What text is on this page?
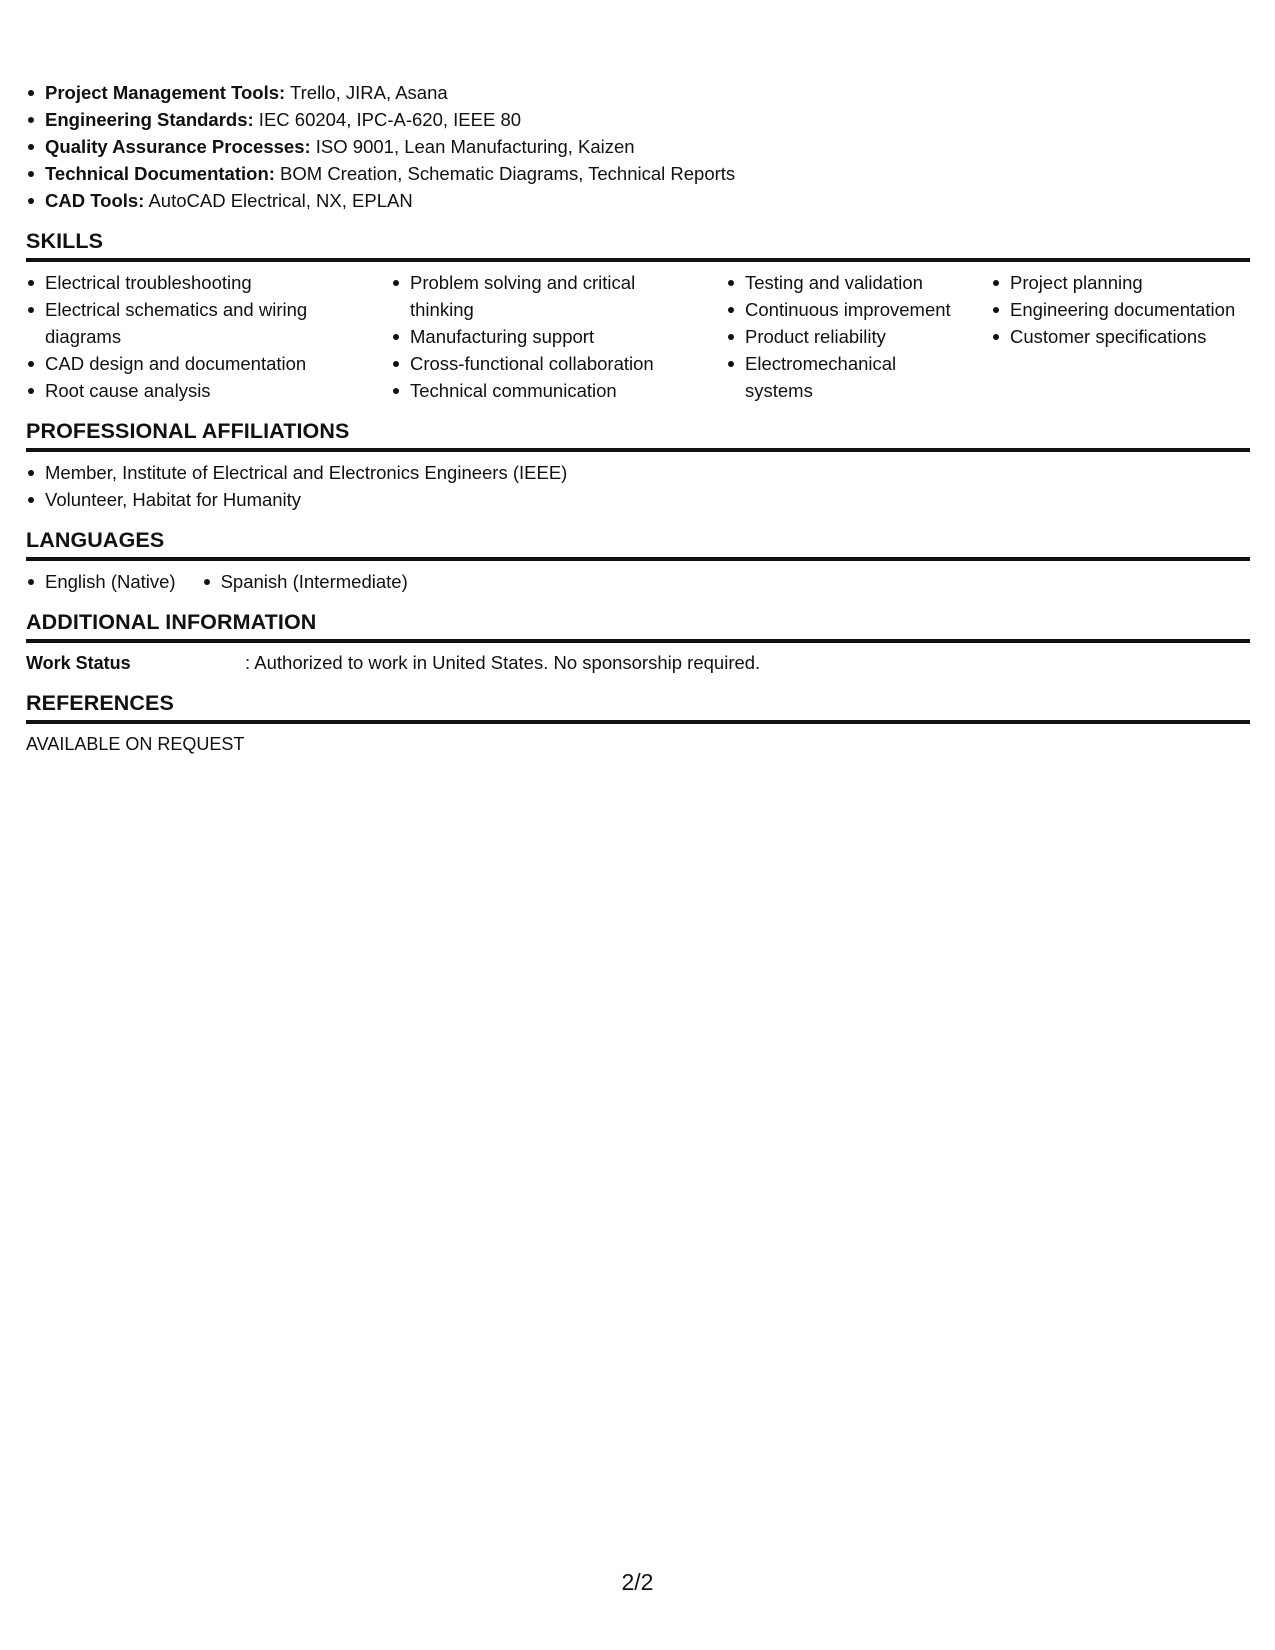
Project Management Tools: Trello, JIRA, Asana
Engineering Standards: IEC 60204, IPC-A-620, IEEE 80
Quality Assurance Processes: ISO 9001, Lean Manufacturing, Kaizen
Technical Documentation: BOM Creation, Schematic Diagrams, Technical Reports
CAD Tools: AutoCAD Electrical, NX, EPLAN
SKILLS
Electrical troubleshooting
Electrical schematics and wiring diagrams
CAD design and documentation
Root cause analysis
Problem solving and critical thinking
Manufacturing support
Cross-functional collaboration
Technical communication
Testing and validation
Continuous improvement
Product reliability
Electromechanical systems
Project planning
Engineering documentation
Customer specifications
PROFESSIONAL AFFILIATIONS
Member, Institute of Electrical and Electronics Engineers (IEEE)
Volunteer, Habitat for Humanity
LANGUAGES
English (Native)	Spanish (Intermediate)
ADDITIONAL INFORMATION
Work Status	: Authorized to work in United States. No sponsorship required.
REFERENCES
AVAILABLE ON REQUEST
2/2
